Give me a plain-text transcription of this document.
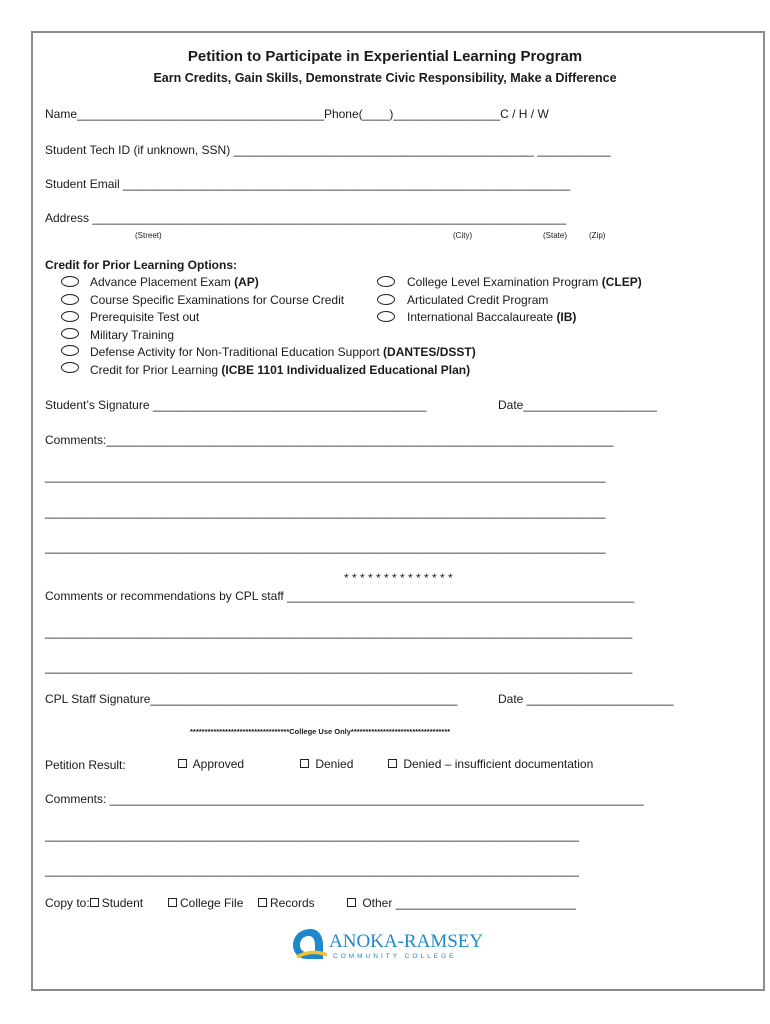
Petition to Participate in Experiential Learning Program
Earn Credits, Gain Skills, Demonstrate Civic Responsibility, Make a Difference
Name_____________________________________Phone(____)________________C / H / W
Student Tech ID (if unknown, SSN) _____________________________________________ ___________
Student Email ___________________________________________________________________
Address _______________________________________________________________________
(Street)	(City)	(State)	(Zip)
Credit for Prior Learning Options:
Advance Placement Exam (AP)
Course Specific Examinations for Course Credit
Prerequisite Test out
Military Training
Defense Activity for Non-Traditional Education Support (DANTES/DSST)
Credit for Prior Learning (ICBE 1101 Individualized Educational Plan)
College Level Examination Program (CLEP)
Articulated Credit Program
International Baccalaureate (IB)
Student’s Signature _________________________________________	Date____________________
Comments:____________________________________________________________________________
____________________________________________________________________________________
____________________________________________________________________________________
____________________________________________________________________________________
* * * * * * * * * * * * * *
Comments or recommendations by CPL staff ____________________________________________________
________________________________________________________________________________________
________________________________________________________________________________________
CPL Staff Signature______________________________________________	Date ______________________
**********************************College Use Only**********************************
Petition Result:	Approved	Denied	Denied – insufficient documentation
Comments: ________________________________________________________________________________
________________________________________________________________________________
________________________________________________________________________________
Copy to: Student	College File	Records	Other ___________________________
ANOKA-RAMSEY
COMMUNITY COLLEGE
